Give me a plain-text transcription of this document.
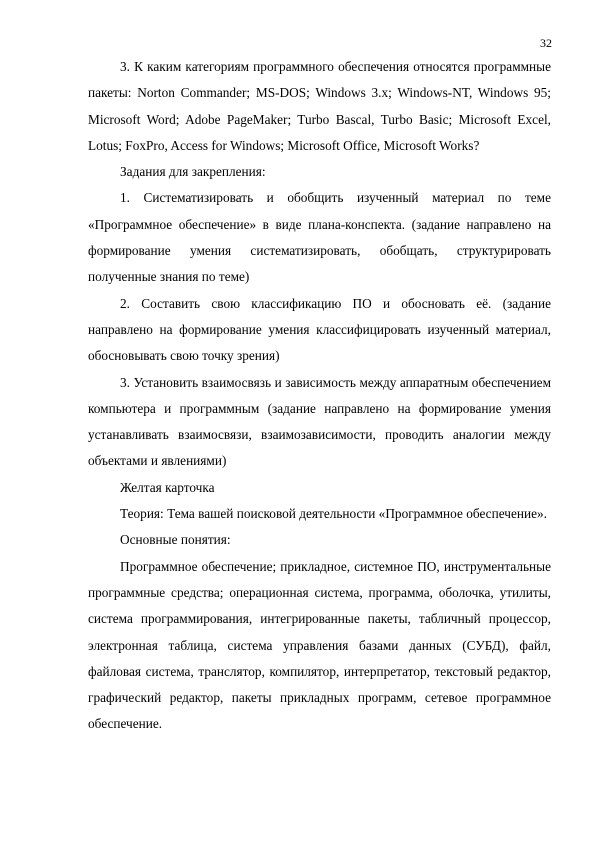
32

3. К каким категориям программного обеспечения относятся программные пакеты: Norton Commander; MS-DOS; Windows 3.x; Windows-NT, Windows 95; Microsoft Word; Adobe PageMaker; Turbo Bascal, Turbo Basic; Microsoft Excel, Lotus; FoxPro, Access for Windows; Microsoft Office, Microsoft Works?

Задания для закрепления:

1. Систематизировать и обобщить изученный материал по теме «Программное обеспечение» в виде плана-конспекта. (задание направлено на формирование умения систематизировать, обобщать, структурировать полученные знания по теме)

2. Составить свою классификацию ПО и обосновать её. (задание направлено на формирование умения классифицировать изученный материал, обосновывать свою точку зрения)

3. Установить взаимосвязь и зависимость между аппаратным обеспечением компьютера и программным (задание направлено на формирование умения устанавливать взаимосвязи, взаимозависимости, проводить аналогии между объектами и явлениями)

Желтая карточка

Теория: Тема вашей поисковой деятельности «Программное обеспечение».

Основные понятия:

Программное обеспечение; прикладное, системное ПО, инструментальные программные средства; операционная система, программа, оболочка, утилиты, система программирования, интегрированные пакеты, табличный процессор, электронная таблица, система управления базами данных (СУБД), файл, файловая система, транслятор, компилятор, интерпретатор, текстовый редактор, графический редактор, пакеты прикладных программ, сетевое программное обеспечение.
